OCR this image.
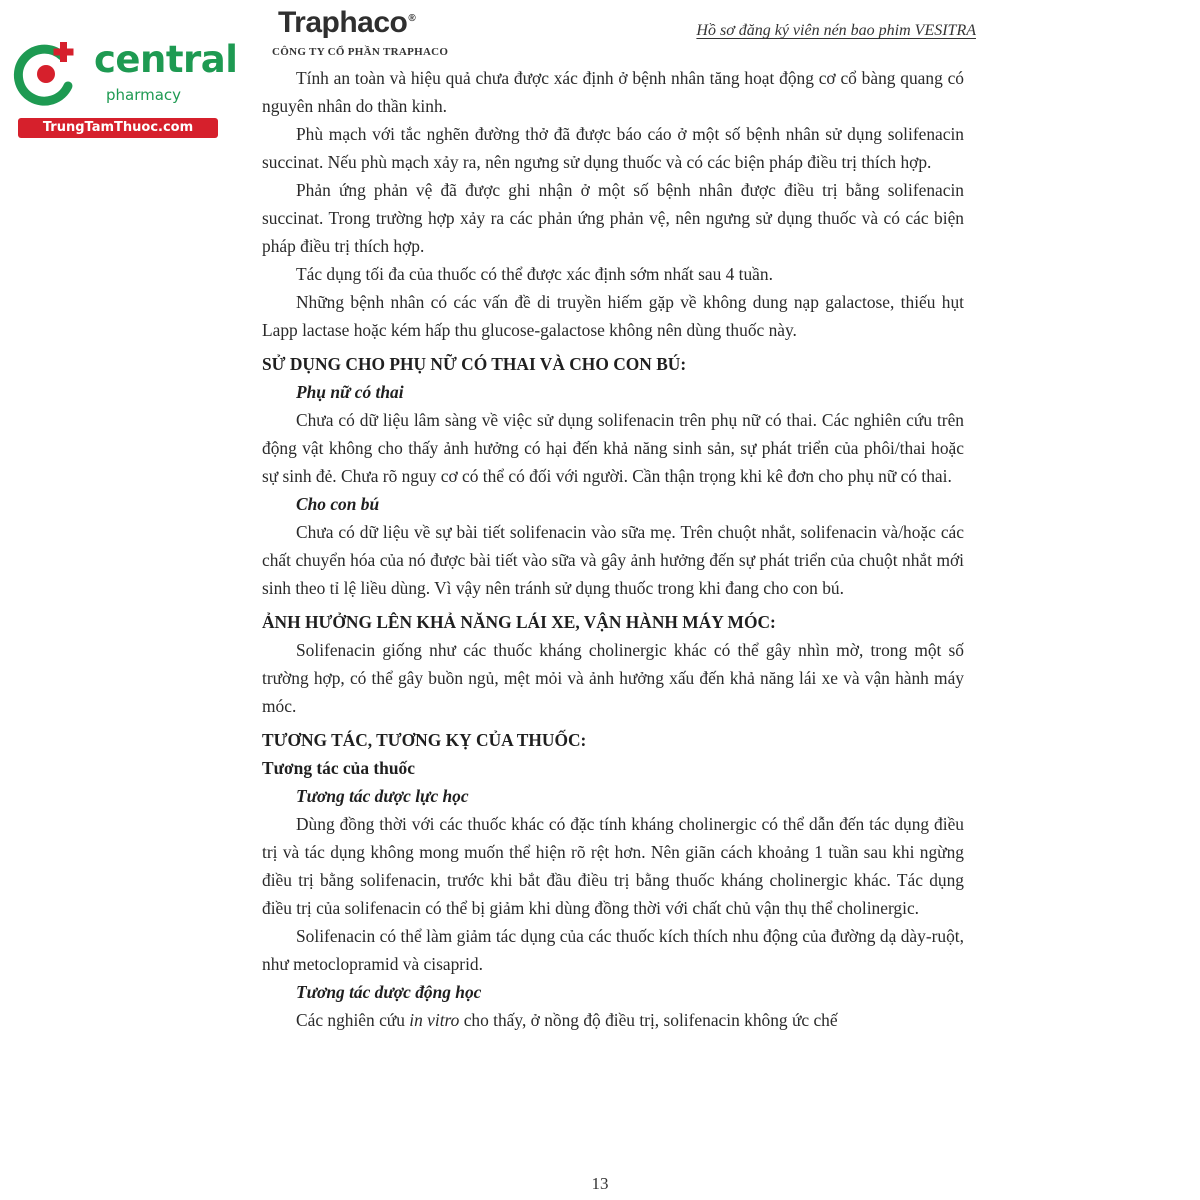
central
pharmacy
TrungTamThuoc.com
Traphaco®
CÔNG TY CỔ PHẦN TRAPHACO
Hồ sơ đăng ký viên nén bao phim VESITRA

Tính an toàn và hiệu quả chưa được xác định ở bệnh nhân tăng hoạt động cơ cổ bàng quang có nguyên nhân do thần kinh.

Phù mạch với tắc nghẽn đường thở đã được báo cáo ở một số bệnh nhân sử dụng solifenacin succinat. Nếu phù mạch xảy ra, nên ngưng sử dụng thuốc và có các biện pháp điều trị thích hợp.

Phản ứng phản vệ đã được ghi nhận ở một số bệnh nhân được điều trị bằng solifenacin succinat. Trong trường hợp xảy ra các phản ứng phản vệ, nên ngưng sử dụng thuốc và có các biện pháp điều trị thích hợp.

Tác dụng tối đa của thuốc có thể được xác định sớm nhất sau 4 tuần.

Những bệnh nhân có các vấn đề di truyền hiếm gặp về không dung nạp galactose, thiếu hụt Lapp lactase hoặc kém hấp thu glucose-galactose không nên dùng thuốc này.

SỬ DỤNG CHO PHỤ NỮ CÓ THAI VÀ CHO CON BÚ:

Phụ nữ có thai

Chưa có dữ liệu lâm sàng về việc sử dụng solifenacin trên phụ nữ có thai. Các nghiên cứu trên động vật không cho thấy ảnh hưởng có hại đến khả năng sinh sản, sự phát triển của phôi/thai hoặc sự sinh đẻ. Chưa rõ nguy cơ có thể có đối với người. Cần thận trọng khi kê đơn cho phụ nữ có thai.

Cho con bú

Chưa có dữ liệu về sự bài tiết solifenacin vào sữa mẹ. Trên chuột nhắt, solifenacin và/hoặc các chất chuyển hóa của nó được bài tiết vào sữa và gây ảnh hưởng đến sự phát triển của chuột nhắt mới sinh theo tỉ lệ liều dùng. Vì vậy nên tránh sử dụng thuốc trong khi đang cho con bú.

ẢNH HƯỞNG LÊN KHẢ NĂNG LÁI XE, VẬN HÀNH MÁY MÓC:

Solifenacin giống như các thuốc kháng cholinergic khác có thể gây nhìn mờ, trong một số trường hợp, có thể gây buồn ngủ, mệt mỏi và ảnh hưởng xấu đến khả năng lái xe và vận hành máy móc.

TƯƠNG TÁC, TƯƠNG KỴ CỦA THUỐC:

Tương tác của thuốc

Tương tác dược lực học

Dùng đồng thời với các thuốc khác có đặc tính kháng cholinergic có thể dẫn đến tác dụng điều trị và tác dụng không mong muốn thể hiện rõ rệt hơn. Nên giãn cách khoảng 1 tuần sau khi ngừng điều trị bằng solifenacin, trước khi bắt đầu điều trị bằng thuốc kháng cholinergic khác. Tác dụng điều trị của solifenacin có thể bị giảm khi dùng đồng thời với chất chủ vận thụ thể cholinergic.

Solifenacin có thể làm giảm tác dụng của các thuốc kích thích nhu động của đường dạ dày-ruột, như metoclopramid và cisaprid.

Tương tác dược động học

Các nghiên cứu in vitro cho thấy, ở nồng độ điều trị, solifenacin không ức chế

13
